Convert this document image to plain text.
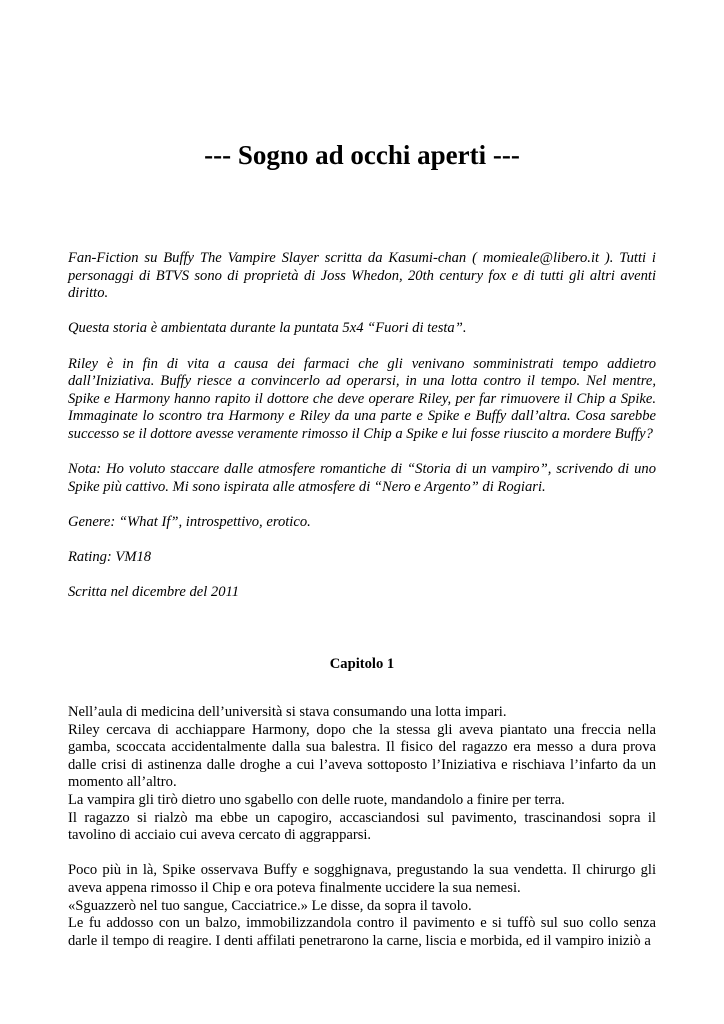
--- Sogno ad occhi aperti ---

Fan-Fiction su Buffy The Vampire Slayer scritta da Kasumi-chan ( momieale@libero.it ). Tutti i personaggi di BTVS sono di proprietà di Joss Whedon, 20th century fox e di tutti gli altri aventi diritto.

Questa storia è ambientata durante la puntata 5x4 “Fuori di testa”.

Riley è in fin di vita a causa dei farmaci che gli venivano somministrati tempo addietro dall’Iniziativa. Buffy riesce a convincerlo ad operarsi, in una lotta contro il tempo. Nel mentre, Spike e Harmony hanno rapito il dottore che deve operare Riley, per far rimuovere il Chip a Spike. Immaginate lo scontro tra Harmony e Riley da una parte e Spike e Buffy dall’altra. Cosa sarebbe successo se il dottore avesse veramente rimosso il Chip a Spike e lui fosse riuscito a mordere Buffy?

Nota: Ho voluto staccare dalle atmosfere romantiche di “Storia di un vampiro”, scrivendo di uno Spike più cattivo. Mi sono ispirata alle atmosfere di “Nero e Argento” di Rogiari.

Genere: “What If”, introspettivo, erotico.

Rating: VM18

Scritta nel dicembre del 2011

Capitolo 1

Nell’aula di medicina dell’università si stava consumando una lotta impari.

Riley cercava di acchiappare Harmony, dopo che la stessa gli aveva piantato una freccia nella gamba, scoccata accidentalmente dalla sua balestra. Il fisico del ragazzo era messo a dura prova dalle crisi di astinenza dalle droghe a cui l’aveva sottoposto l’Iniziativa e rischiava l’infarto da un momento all’altro.

La vampira gli tirò dietro uno sgabello con delle ruote, mandandolo a finire per terra.

Il ragazzo si rialzò ma ebbe un capogiro, accasciandosi sul pavimento, trascinandosi sopra il tavolino di acciaio cui aveva cercato di aggrapparsi.

Poco più in là, Spike osservava Buffy e sogghignava, pregustando la sua vendetta. Il chirurgo gli aveva appena rimosso il Chip e ora poteva finalmente uccidere la sua nemesi.

«Sguazzerò nel tuo sangue, Cacciatrice.» Le disse, da sopra il tavolo.

Le fu addosso con un balzo, immobilizzandola contro il pavimento e si tuffò sul suo collo senza darle il tempo di reagire. I denti affilati penetrarono la carne, liscia e morbida, ed il vampiro iniziò a
